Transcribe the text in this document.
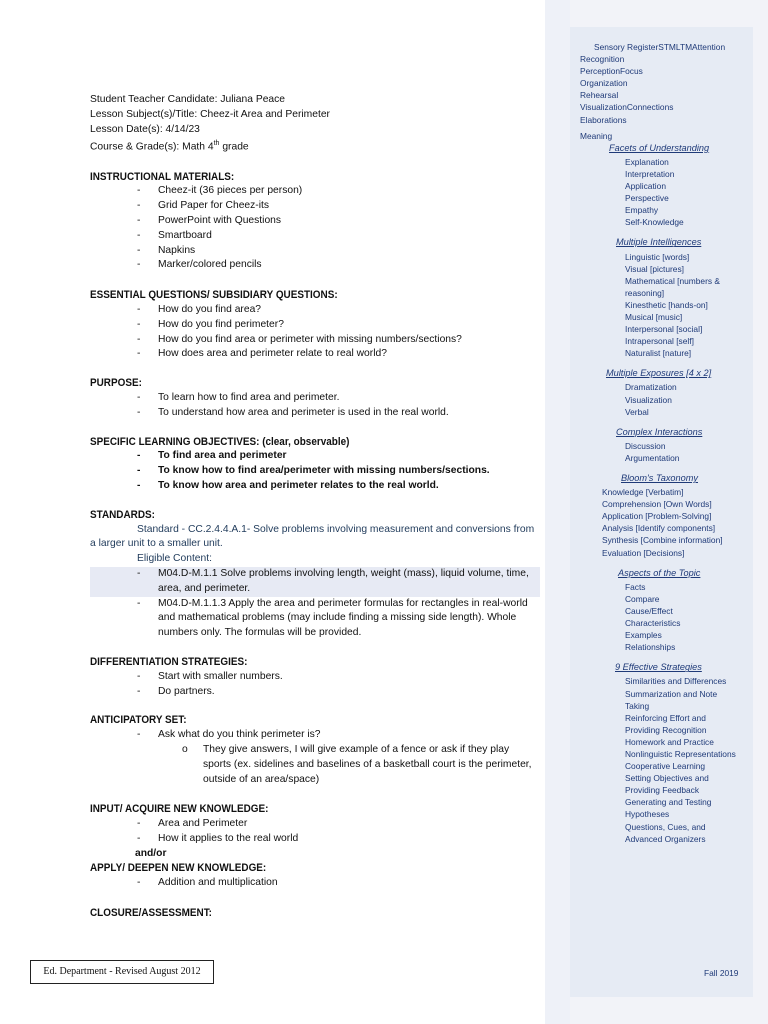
Student Teacher Candidate: Juliana Peace
Lesson Subject(s)/Title: Cheez-it Area and Perimeter
Lesson Date(s): 4/14/23
Course & Grade(s): Math 4th grade
INSTRUCTIONAL MATERIALS:
- Cheez-it (36 pieces per person)
- Grid Paper for Cheez-its
- PowerPoint with Questions
- Smartboard
- Napkins
- Marker/colored pencils
ESSENTIAL QUESTIONS/ SUBSIDIARY QUESTIONS:
- How do you find area?
- How do you find perimeter?
- How do you find area or perimeter with missing numbers/sections?
- How does area and perimeter relate to real world?
PURPOSE:
- To learn how to find area and perimeter.
- To understand how area and perimeter is used in the real world.
SPECIFIC LEARNING OBJECTIVES: (clear, observable)
- To find area and perimeter
- To know how to find area/perimeter with missing numbers/sections.
- To know how area and perimeter relates to the real world.
STANDARDS:
Standard - CC.2.4.4.A.1- Solve problems involving measurement and conversions from
a larger unit to a smaller unit.
Eligible Content:
- M04.D-M.1.1 Solve problems involving length, weight (mass), liquid volume, time, area, and perimeter.
- M04.D-M.1.1.3 Apply the area and perimeter formulas for rectangles in real-world and mathematical problems (may include finding a missing side length). Whole numbers only. The formulas will be provided.
DIFFERENTIATION STRATEGIES:
- Start with smaller numbers.
- Do partners.
ANTICIPATORY SET:
- Ask what do you think perimeter is?
o They give answers, I will give example of a fence or ask if they play sports (ex. sidelines and baselines of a basketball court is the perimeter, outside of an area/space)
INPUT/ ACQUIRE NEW KNOWLEDGE:
- Area and Perimeter
- How it applies to the real world
and/or
APPLY/ DEEPEN NEW KNOWLEDGE:
- Addition and multiplication
CLOSURE/ASSESSMENT:
Ed. Department - Revised August 2012
Sensory RegisterSTMLTMAttention
Recognition
PerceptionFocus
Organization
Rehearsal
VisualizationConnections
Elaborations
Meaning
Facets of Understanding
Explanation
Interpretation
Application
Perspective
Empathy
Self-Knowledge
Multiple Intelligences
Linguistic [words]
Visual [pictures]
Mathematical [numbers &
reasoning]
Kinesthetic [hands-on]
Musical [music]
Interpersonal [social]
Intrapersonal [self]
Naturalist [nature]
Multiple Exposures [4 x 2]
Dramatization
Visualization
Verbal
Complex Interactions
Discussion
Argumentation
Bloom's Taxonomy
Knowledge [Verbatim]
Comprehension [Own Words]
Application [Problem-Solving]
Analysis [Identify components]
Synthesis [Combine information]
Evaluation [Decisions]
Aspects of the Topic
Facts
Compare
Cause/Effect
Characteristics
Examples
Relationships
9 Effective Strategies
Similarities and Differences
Summarization and Note
Taking
Reinforcing Effort and
Providing Recognition
Homework and Practice
Nonlinguistic Representations
Cooperative Learning
Setting Objectives and
Providing Feedback
Generating and Testing
Hypotheses
Questions, Cues, and
Advanced Organizers
Fall 2019
